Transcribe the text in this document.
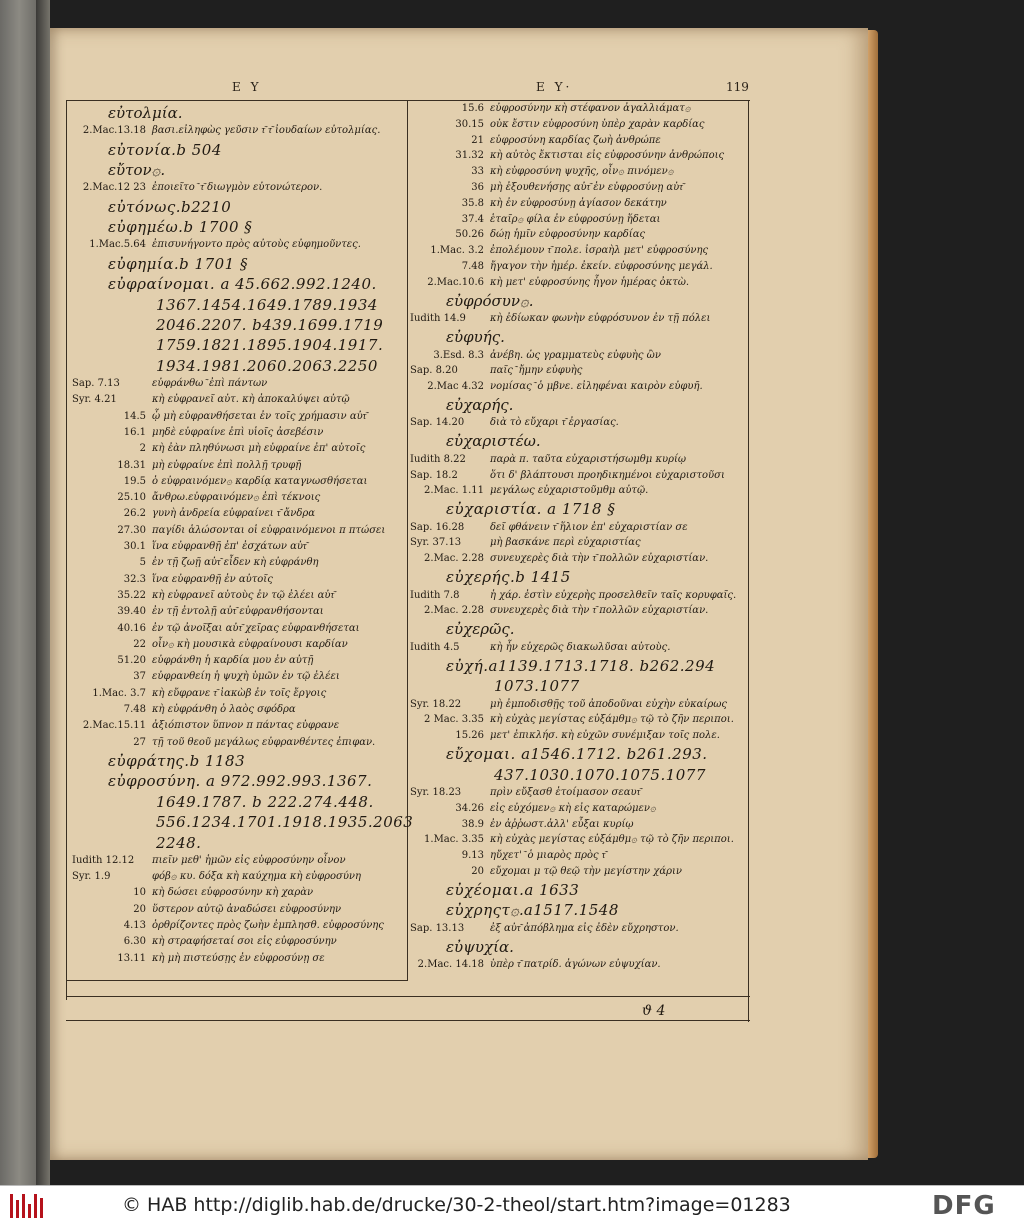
Ε Υ	Ε Υ·	119
εὐτολμία.
2.Mac.13.18 βασι.εἰληφὼς γεῦσιν τ͂ τ͂ ἰουδαίων εὐτολμίας.
εὐτονία.b 504
εὔτον۞.
2.Mac.12 23 ἐποιεῖτο ͂ τ͂ διωγμὸν εὐτονώτερον.
εὐτόνως.b2210
εὐφημέω.b 1700 §
1.Mac.5.64 ἐπισυνήγοντο πρὸς αὐτοὺς εὐφημοῦντες.
εὐφημία.b 1701 §
εὐφραίνομαι. a 45.662.992.1240.
1367.1454.1649.1789.1934
2046.2207. b439.1699.1719
1759.1821.1895.1904.1917.
1934.1981.2060.2063.2250
Sap. 7.13	εὐφράνθω ͂ ἐπὶ πάντων
Syr. 4.21	κὴ εὐφρανεῖ αὐτ. κὴ ἀποκαλύψει αὐτῷ
14.5 ᾧ μὴ εὐφρανθήσεται ἐν τοῖς χρήμασιν αὐτ͂
16.1 μηδὲ εὐφραίνε ἐπὶ υἱοῖς ἀσεβέσιν
2 κὴ ἐὰν πληθύνωσι μὴ εὐφραίνε ἐπ' αὐτοῖς
18.31 μὴ εὐφραίνε ἐπὶ πολλῇ τρυφῇ
19.5 ὁ εὐφραινόμεν۞ καρδίᾳ καταγνωσθήσεται
25.10 ἄνθρω.εὐφραινόμεν۞ ἐπὶ τέκνοις
26.2 γυνὴ ἀνδρεία εὐφραίνει τ͂ ἄνδρα
27.30 παγίδι ἁλώσονται οἱ εὐφραινόμενοι π πτώσει
30.1 ἵνα εὐφρανθῇ ἐπ' ἐσχάτων αὐτ͂
5 ἐν τῇ ζωῇ αὐτ͂ εἶδεν κὴ εὐφράνθη
32.3 ἵνα εὐφρανθῇ ἐν αὐτοῖς
35.22 κὴ εὐφρανεῖ αὐτοὺς ἐν τῷ ἐλέει αὐτ͂
39.40 ἐν τῇ ἐντολῇ αὐτ͂ εὐφρανθήσονται
40.16 ἐν τῷ ἀνοῖξαι αὐτ͂ χεῖρας εὐφρανθήσεται
22 οἶν۞ κὴ μουσικὰ εὐφραίνουσι καρδίαν
51.20 εὐφράνθη ἡ καρδία μου ἐν αὐτῇ
37 εὐφρανθείη ἡ ψυχὴ ὑμῶν ἐν τῷ ἐλέει
1.Mac. 3.7 κὴ εὔφρανε τ͂ ἰακὼβ ἐν τοῖς ἔργοις
7.48 κὴ εὐφράνθη ὁ λαὸς σφόδρα
2.Mac.15.11 ἀξιόπιστον ὕπνον π πάντας εὐφρανε
27 τῇ τοῦ θεοῦ μεγάλως εὐφρανθέντες ἐπιφαν.
εὐφράτης.b 1183
εὐφροσύνη. a 972.992.993.1367.
1649.1787. b 222.274.448.
556.1234.1701.1918.1935.2063
2248.
Iudith 12.12 πιεῖν μεθ' ἡμῶν εἰς εὐφροσύνην οἶνον
Syr. 1.9	φόβ۞ κυ. δόξα κὴ καύχημα κὴ εὐφροσύνη
10 κὴ δώσει εὐφροσύνην κὴ χαρὰν
20 ὕστερον αὐτῷ ἀναδώσει εὐφροσύνην
4.13 ὀρθρίζοντες πρὸς ζωὴν ἐμπλησθ. εὐφροσύνης
6.30 κὴ στραφήσεταί σοι εἰς εὐφροσύνην
13.11 κὴ μὴ πιστεύσῃς ἐν εὐφροσύνῃ σε
15.6 εὐφροσύνην κὴ στέφανον ἀγαλλιάματ۞
30.15 οὐκ ἔστιν εὐφροσύνη ὑπὲρ χαρὰν καρδίας
21 εὐφροσύνη καρδίας ζωὴ ἀνθρώπε
31.32 κὴ αὐτὸς ἔκτισται εἰς εὐφροσύνην ἀνθρώποις
33 κὴ εὐφροσύνη ψυχῆς, οἶν۞ πινόμεν۞
36 μὴ ἐξουθενήσῃς αὐτ͂ ἐν εὐφροσύνῃ αὐτ͂
35.8 κὴ ἐν εὐφροσύνῃ ἁγίασον δεκάτην
37.4 ἑταῖρ۞ φίλα ἐν εὐφροσύνῃ ἥδεται
50.26 δώῃ ἡμῖν εὐφροσύνην καρδίας
1.Mac. 3.2 ἐπολέμουν τ͂ πολε. ἰσραὴλ μετ' εὐφροσύνης
7.48 ἤγαγον τὴν ἡμέρ. ἐκείν. εὐφροσύνης μεγάλ.
2.Mac.10.6 κὴ μετ' εὐφροσύνης ἦγον ἡμέρας ὀκτὼ.
εὐφρόσυν۞.
Iudith 14.9 κὴ ἐδίωκαν φωνὴν εὐφρόσυνον ἐν τῇ πόλει
εὐφυής.
3.Esd. 8.3 ἀνέβη. ὡς γραμματεὺς εὐφυὴς ὢν
Sap. 8.20	παῖς ͂ ἤμην εὐφυὴς
2.Mac 4.32 νομίσας ͂ ὁ μβνε. εἰληφέναι καιρὸν εὐφυῆ.
εὐχαρής.
Sap. 14.20	διὰ τὸ εὔχαρι τ͂ ἐργασίας.
εὐχαριστέω.
Iudith 8.22 παρὰ π. ταῦτα εὐχαριστήσωμθμ κυρίῳ
Sap. 18.2	ὅτι δ' βλάπτουσι προηδικημένοι εὐχαριστοῦσι
2.Mac. 1.11 μεγάλως εὐχαριστοῦμθμ αὐτῷ.
εὐχαριστία. a 1718 §
Sap. 16.28	δεῖ φθάνειν τ͂ ἥλιον ἐπ' εὐχαριστίαν σε
Syr. 37.13	μὴ βασκάνε περὶ εὐχαριστίας
2.Mac. 2.28 συνευχερὲς διὰ τὴν τ͂ πολλῶν εὐχαριστίαν.
εὐχερής.b 1415
Iudith 7.8	ἡ χάρ. ἐστὶν εὐχερὴς προσελθεῖν ταῖς κορυφαῖς.
2.Mac. 2.28 συνευχερὲς διὰ τὴν τ͂ πολλῶν εὐχαριστίαν.
εὐχερῶς.
Iudith 4.5	κὴ ἦν εὐχερῶς διακωλῦσαι αὐτοὺς.
εὐχή.a1139.1713.1718. b262.294
1073.1077
Syr. 18.22	μὴ ἐμποδισθῇς τοῦ ἀποδοῦναι εὐχὴν εὐκαίρως
2 Mac. 3.35 κὴ εὐχὰς μεγίστας εὐξάμθμ۞ τῷ τὸ ζῆν περιποι.
15.26 μετ' ἐπικλήσ. κὴ εὐχῶν συνέμιξαν τοῖς πολε.
εὔχομαι. a1546.1712. b261.293.
437.1030.1070.1075.1077
Syr. 18.23	πρὶν εὔξασθ ἑτοίμασον σεαυτ͂
34.26 εἰς εὐχόμεν۞ κὴ εἰς καταρώμεν۞
38.9 ἐν ἀῤῥωστ.ἀλλ' εὖξαι κυρίῳ
1.Mac. 3.35 κὴ εὐχὰς μεγίστας εὐξάμθμ۞ τῷ τὸ ζῆν περιποι.
9.13 ηὔχετ' ͂ ὁ μιαρὸς πρὸς τ͂
20 εὔχομαι μ τῷ θεῷ τὴν μεγίστην χάριν
εὐχέομαι.a 1633
εὐχρηςτ۞.a1517.1548
Sap. 13.13	ἐξ αὐτ͂ ἀπόβλημα εἰς ἐδὲν εὔχρηστον.
εὐψυχία.
2.Mac. 14.18 ὑπὲρ τ͂ πατρίδ. ἀγώνων εὐψυχίαν.
ϑ 4
© HAB http://diglib.hab.de/drucke/30-2-theol/start.htm?image=01283	DFG
